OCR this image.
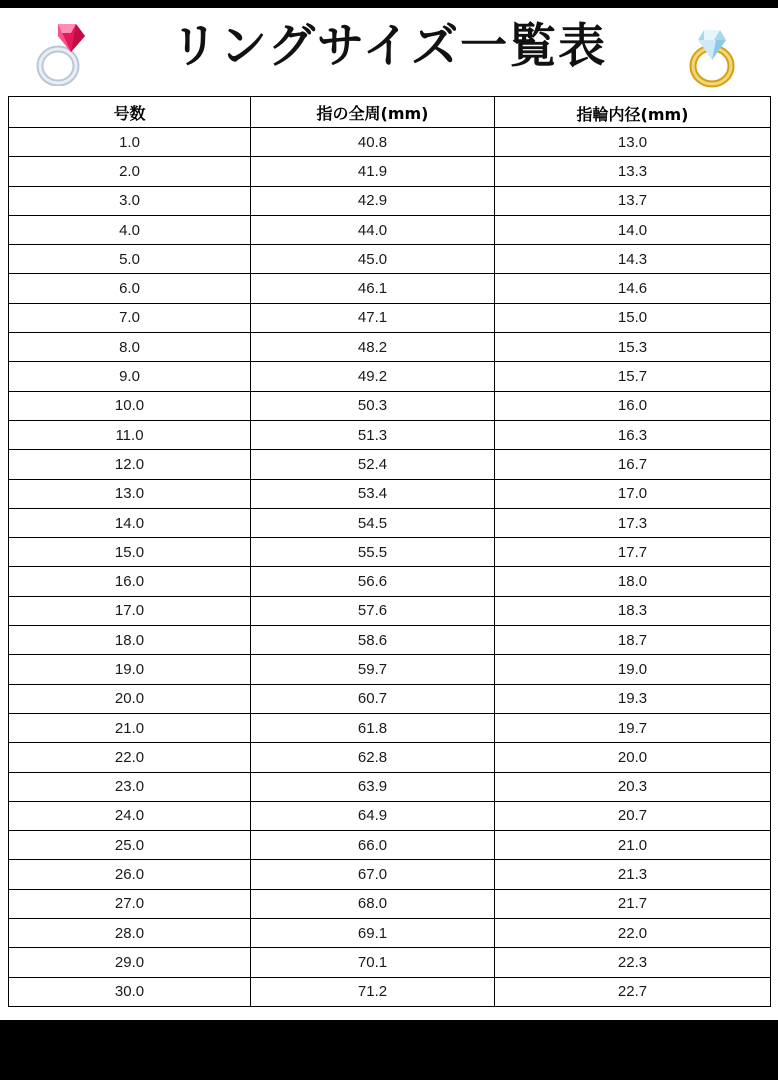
リングサイズ一覧表
号数	指の全周(mm)	指輪内径(mm)
1.0	40.8	13.0
2.0	41.9	13.3
3.0	42.9	13.7
4.0	44.0	14.0
5.0	45.0	14.3
6.0	46.1	14.6
7.0	47.1	15.0
8.0	48.2	15.3
9.0	49.2	15.7
10.0	50.3	16.0
11.0	51.3	16.3
12.0	52.4	16.7
13.0	53.4	17.0
14.0	54.5	17.3
15.0	55.5	17.7
16.0	56.6	18.0
17.0	57.6	18.3
18.0	58.6	18.7
19.0	59.7	19.0
20.0	60.7	19.3
21.0	61.8	19.7
22.0	62.8	20.0
23.0	63.9	20.3
24.0	64.9	20.7
25.0	66.0	21.0
26.0	67.0	21.3
27.0	68.0	21.7
28.0	69.1	22.0
29.0	70.1	22.3
30.0	71.2	22.7
